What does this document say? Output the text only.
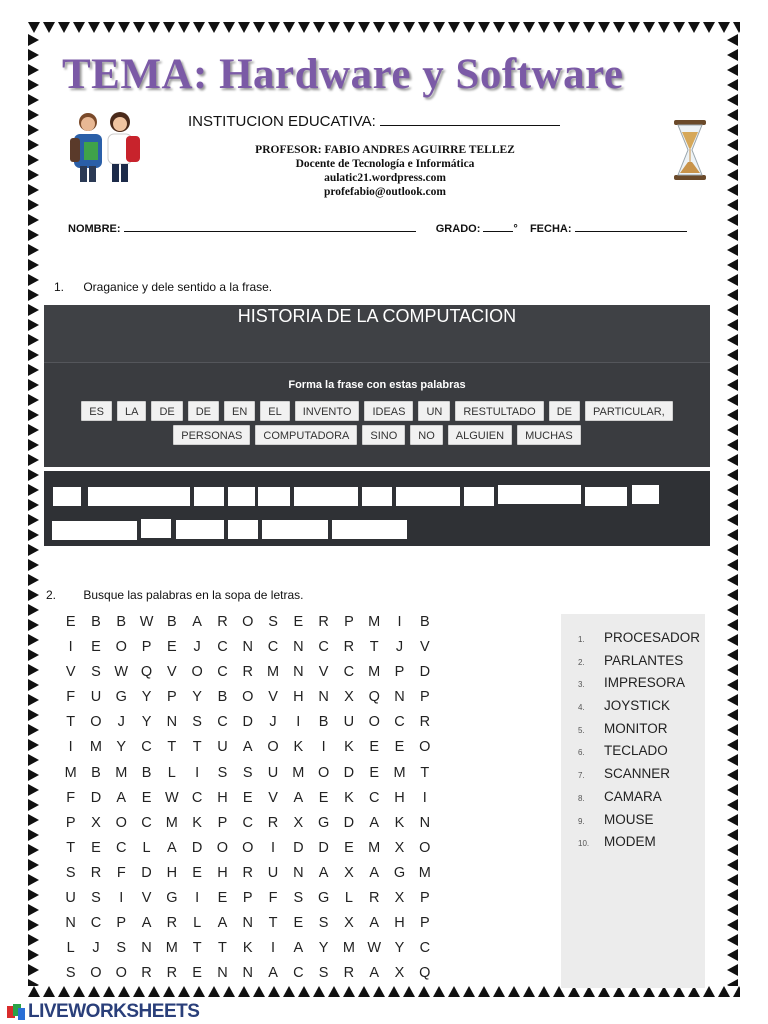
TEMA: Hardware y Software
INSTITUCION EDUCATIVA:
PROFESOR: FABIO ANDRES AGUIRRE TELLEZ
Docente de Tecnología e Informática
aulatic21.wordpress.com
profefabio@outlook.com
NOMBRE:	GRADO:	° FECHA:
1. Oraganice y dele sentido a la frase.
HISTORIA DE LA COMPUTACION
Forma la frase con estas palabras
ES	LA	DE	DE	EN	EL	INVENTO	IDEAS	UN	RESTULTADO	DE	PARTICULAR,
PERSONAS	COMPUTADORA	SINO	NO	ALGUIEN	MUCHAS
2. Busque las palabras en la sopa de letras.
E	B	B W B	A	R O	S	E	R	P M	I	B
I	E	O	P	E	J	C	N	C	N	C	R	T	J	V
V	S W Q	V	O C	R M N	V	C M P	D
F	U G	Y	P	Y	B	O	V	H	N	X	Q N	P
T	O	J	Y	N	S	C	D	J	I	B	U O C	R
I	M Y	C	T	T	U	A	O	K	I	K	E	E	O
M B M B	L	I	S	S	U M O D	E M	T
F	D	A	E W C	H	E	V	A	E	K	C	H	I
P	X	O C M K	P	C	R	X	G D	A	K	N
T	E	C	L	A	D O O	I	D	D	E M X	O
S	R	F	D	H	E	H	R	U	N	A	X	A	G M
U	S	I	V	G	I	E	P	F	S	G	L	R	X	P
N	C	P	A	R	L	A	N	T	E	S	X	A	H	P
L	J	S	N M	T	T	K	I	A	Y M W Y	C
S	O O R	R	E	N	N	A	C	S	R	A	X	Q
1.	PROCESADOR
2.	PARLANTES
3.	IMPRESORA
4.	JOYSTICK
5.	MONITOR
6.	TECLADO
7.	SCANNER
8.	CAMARA
9.	MOUSE
10.	MODEM
LIVEWORKSHEETS
